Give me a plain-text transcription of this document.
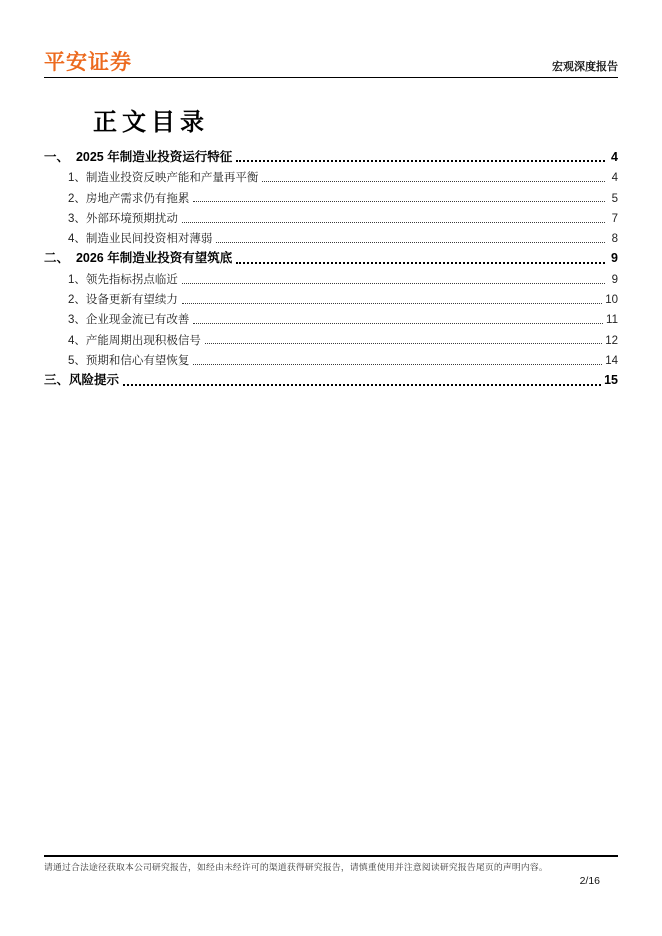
平安证券	宏观深度报告
正文目录
一、  2025 年制造业投资运行特征	4
1、制造业投资反映产能和产量再平衡	4
2、房地产需求仍有拖累	5
3、外部环境预期扰动	7
4、制造业民间投资相对薄弱	8
二、  2026 年制造业投资有望筑底	9
1、领先指标拐点临近	9
2、设备更新有望续力	10
3、企业现金流已有改善	11
4、产能周期出现积极信号	12
5、预期和信心有望恢复	14
三、风险提示	15
请通过合法途径获取本公司研究报告，如经由未经许可的渠道获得研究报告，请慎重使用并注意阅读研究报告尾页的声明内容。
2/16
